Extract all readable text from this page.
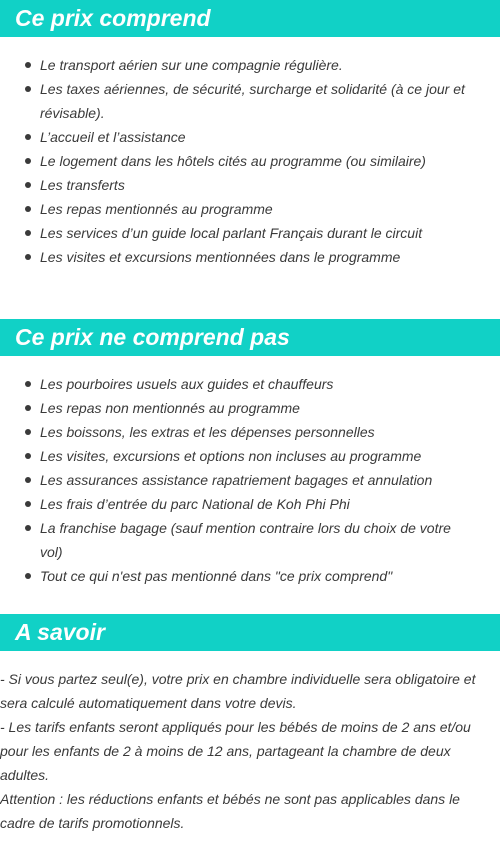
Ce prix comprend
Le transport aérien sur une compagnie régulière.
Les taxes aériennes, de sécurité, surcharge et solidarité (à ce jour et révisable).
L’accueil et l’assistance
Le logement dans les hôtels cités au programme (ou similaire)
Les transferts
Les repas mentionnés au programme
Les services d’un guide local parlant Français durant le circuit
Les visites et excursions mentionnées dans le programme
Ce prix ne comprend pas
Les pourboires usuels aux guides et chauffeurs
Les repas non mentionnés au programme
Les boissons, les extras et les dépenses personnelles
Les visites, excursions et options non incluses au programme
Les assurances assistance rapatriement bagages et annulation
Les frais d’entrée du parc National de Koh Phi Phi
La franchise bagage (sauf mention contraire lors du choix de votre vol)
Tout ce qui n'est pas mentionné dans "ce prix comprend"
A savoir

- Si vous partez seul(e), votre prix en chambre individuelle sera obligatoire et sera calculé automatiquement dans votre devis.

- Les tarifs enfants seront appliqués pour les bébés de moins de 2 ans et/ou pour les enfants de 2 à moins de 12 ans, partageant la chambre de deux adultes.

Attention : les réductions enfants et bébés ne sont pas applicables dans le cadre de tarifs promotionnels.
